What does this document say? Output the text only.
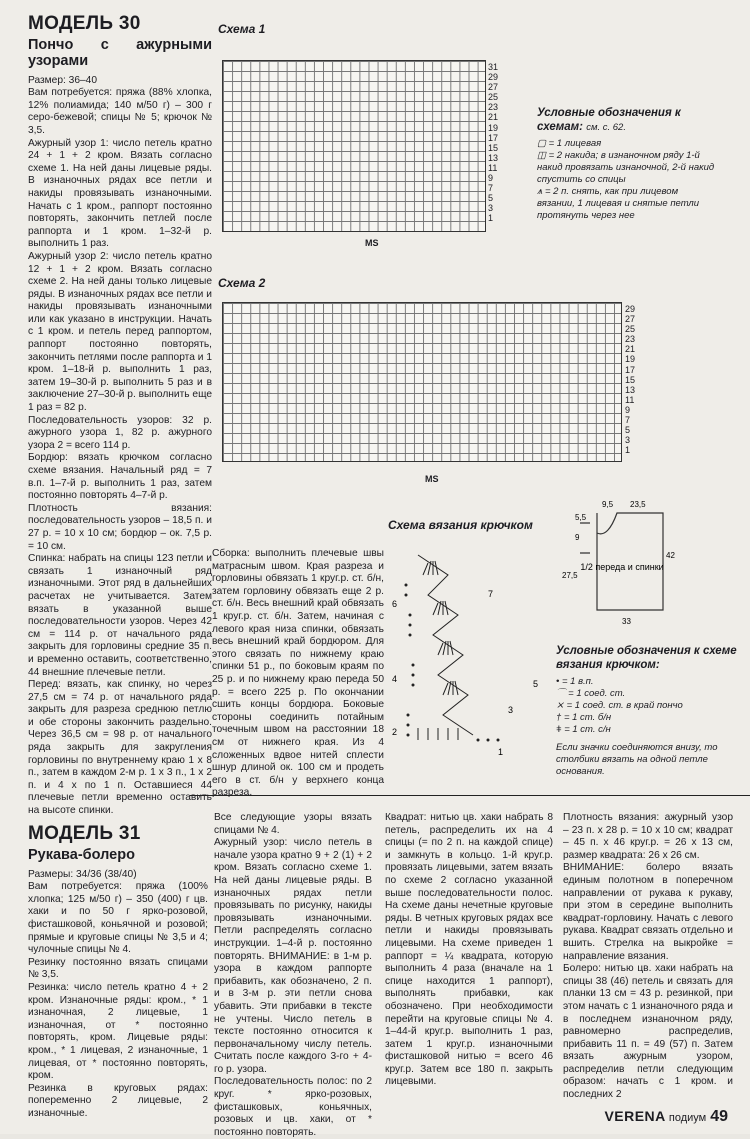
МОДЕЛЬ 30
Пончо с ажурными узорами

Размер: 36–40

Вам потребуется: пряжа (88% хлопка, 12% полиамида; 140 м/50 г) – 300 г серо-бежевой; спицы № 5; крючок № 3,5.

Ажурный узор 1: число петель кратно 24 + 1 + 2 кром. Вязать согласно схеме 1. На ней даны лицевые ряды. В изнаночных рядах все петли и накиды провязывать изнаночными. Начать с 1 кром., раппорт постоянно повторять, закончить петлей после раппорта и 1 кром. 1–32-й р. выполнить 1 раз.

Ажурный узор 2: число петель кратно 12 + 1 + 2 кром. Вязать согласно схеме 2. На ней даны только лицевые ряды. В изнаночных рядах все петли и накиды провязывать изнаночными или как указано в инструкции. Начать с 1 кром. и петель перед раппортом, раппорт постоянно повторять, закончить петлями после раппорта и 1 кром. 1–18-й р. выполнить 1 раз, затем 19–30-й р. выполнить 5 раз и в заключение 27–30-й р. выполнить еще 1 раз = 82 р.

Последовательность узоров: 32 р. ажурного узора 1, 82 р. ажурного узора 2 = всего 114 р.

Бордюр: вязать крючком согласно схеме вязания. Начальный ряд = 7 в.п. 1–7-й р. выполнить 1 раз, затем постоянно повторять 4–7-й р.

Плотность вязания: последовательность узоров – 18,5 п. и 27 р. = 10 x 10 см; бордюр – ок. 7,5 р. = 10 см.

Спинка: набрать на спицы 123 петли и связать 1 изнаночный ряд изнаночными. Этот ряд в дальнейших расчетах не учитывается. Затем вязать в указанной выше последовательности узоров. Через 42 см = 114 р. от начального ряда закрыть для горловины средние 35 п. и временно оставить, соответственно, 44 внешние плечевые петли.

Перед: вязать, как спинку, но через 27,5 см = 74 р. от начального ряда закрыть для разреза среднюю петлю и обе стороны закончить раздельно. Через 36,5 см = 98 р. от начального ряда закрыть для закругления горловины по внутреннему краю 1 х 8 п., затем в каждом 2-м р. 1 х 3 п., 1 х 2 п. и 4 х по 1 п. Оставшиеся 44 плечевые петли временно оставить на высоте спинки.

Схема 1
31
29
27
25
23
21
19
17
15
13
11
9
7
5
3
1
MS
Условные обозначения к схемам: см. с. 62.
▢ = 1 лицевая
◫ = 2 накида; в изнаночном ряду 1-й накид провязать изнаночной, 2-й накид спустить со спицы
⩚ = 2 п. снять, как при лицевом вязании, 1 лицевая и снятые петли протянуть через нее
Схема 2
29
27
25
23
21
19
17
15
13
11
9
7
5
3
1
MS

Сборка: выполнить плечевые швы матрасным швом. Края разреза и горловины обвязать 1 круг.р. ст. б/н, затем горловину обвязать еще 2 р. ст. б/н. Весь внешний край обвязать 1 круг.р. ст. б/н. Затем, начиная с левого края низа спинки, обвязать весь внешний край бордюром. Для этого связать по нижнему краю спинки 51 р., по боковым краям по 25 р. и по нижнему краю переда 50 р. = всего 225 р. По окончании сшить концы бордюра. Боковые стороны соединить потайным точечным швом на расстоянии 18 см от нижнего края. Из 4 сложенных вдвое нитей сплести шнур длиной ок. 100 см и продеть его в ст. б/н у верхнего конца разреза.

Схема вязания крючком
7
6
5
4
3
2
1
1/2 переда и спинки
9,5 23,5
5,5
9
42
27,5
33
Условные обозначения к схеме вязания крючком:
• = 1 в.п.
⌒ = 1 соед. ст.
⨯ = 1 соед. ст. в край пончо
† = 1 ст. б/н
ǂ = 1 ст. с/н
Если значки соединяются внизу, то столбики вязать на одной петле основания.
МОДЕЛЬ 31
Рукава-болеро

Размеры: 34/36 (38/40)

Вам потребуется: пряжа (100% хлопка; 125 м/50 г) – 350 (400) г цв. хаки и по 50 г ярко-розовой, фисташковой, коньячной и розовой; прямые и круговые спицы № 3,5 и 4; чулочные спицы № 4.

Резинку постоянно вязать спицами № 3,5.

Резинка: число петель кратно 4 + 2 кром. Изнаночные ряды: кром., * 1 изнаночная, 2 лицевые, 1 изнаночная, от * постоянно повторять, кром. Лицевые ряды: кром., * 1 лицевая, 2 изнаночные, 1 лицевая, от * постоянно повторять, кром.

Резинка в круговых рядах: попеременно 2 лицевые, 2 изнаночные.

Все следующие узоры вязать спицами № 4.

Ажурный узор: число петель в начале узора кратно 9 + 2 (1) + 2 кром. Вязать согласно схеме 1. На ней даны лицевые ряды. В изнаночных рядах петли провязывать по рисунку, накиды провязывать изнаночными. Петли распределять согласно инструкции. 1–4-й р. постоянно повторять. ВНИМАНИЕ: в 1-м р. узора в каждом раппорте прибавить, как обозначено, 2 п. и в 3-м р. эти петли снова убавить. Эти прибавки в тексте не учтены. Число петель в тексте постоянно относится к первоначальному числу петель. Считать после каждого 3-го + 4-го р. узора.

Последовательность полос: по 2 круг. * ярко-розовых, фисташковых, коньячных, розовых и цв. хаки, от * постоянно повторять.

Квадрат: нитью цв. хаки набрать 8 петель, распределить их на 4 спицы (= по 2 п. на каждой спице) и замкнуть в кольцо. 1-й круг.р. провязать лицевыми, затем вязать по схеме 2 согласно указанной выше последовательности полос. На схеме даны нечетные круговые ряды. В четных круговых рядах все петли и накиды провязывать лицевыми. На схеме приведен 1 раппорт = ¼ квадрата, которую выполнить 4 раза (вначале на 1 спице находится 1 раппорт), выполнять прибавки, как обозначено. При необходимости перейти на круговые спицы № 4. 1–44-й круг.р. выполнить 1 раз, затем 1 круг.р. изнаночными фисташковой нитью = всего 46 круг.р. Затем все 180 п. закрыть лицевыми.

Плотность вязания: ажурный узор – 23 п. x 28 р. = 10 x 10 см; квадрат – 45 п. x 46 круг.р. = 26 x 13 см, размер квадрата: 26 x 26 см.

ВНИМАНИЕ: болеро вязать единым полотном в поперечном направлении от рукава к рукаву, при этом в середине выполнить квадрат-горловину. Начать с левого рукава. Квадрат связать отдельно и вшить. Стрелка на выкройке = направление вязания.

Болеро: нитью цв. хаки набрать на спицы 38 (46) петель и связать для планки 13 см = 43 р. резинкой, при этом начать с 1 изнаночного ряда и в последнем изнаночном ряду, равномерно распределив, прибавить 11 п. = 49 (57) п. Затем вязать ажурным узором, распределив петли следующим образом: начать с 1 кром. и последних 2

VERENA подиум 49
